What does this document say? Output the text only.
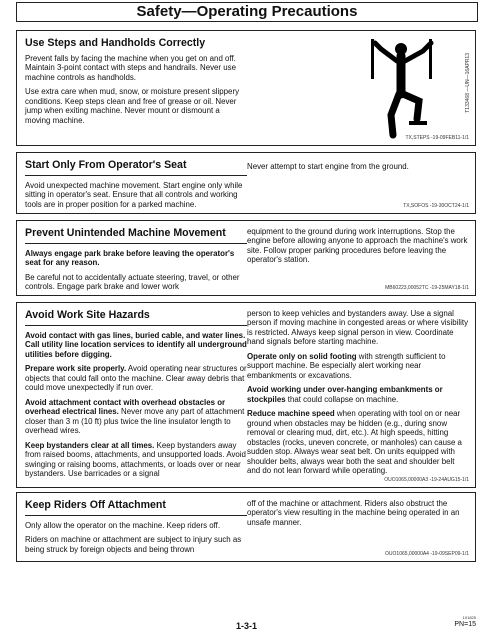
Safety—Operating Precautions
Use Steps and Handholds Correctly

Prevent falls by facing the machine when you get on and off. Maintain 3-point contact with steps and handrails. Never use machine controls as handholds.

Use extra care when mud, snow, or moisture present slippery conditions. Keep steps clean and free of grease or oil. Never jump when exiting machine. Never mount or dismount a moving machine.

T133468 —UN—16APR13
TX,STEPS -19-09FEB11-1/1
Start Only From Operator's Seat

Avoid unexpected machine movement. Start engine only while sitting in operator's seat. Ensure that all controls and working tools are in proper position for a parked machine.

Never attempt to start engine from the ground.

TX,SOFOS -19-30OCT24-1/1
Prevent Unintended Machine Movement

Always engage park brake before leaving the operator's seat for any reason.

Be careful not to accidentally actuate steering, travel, or other controls. Engage park brake and lower work

equipment to the ground during work interruptions. Stop the engine before allowing anyone to approach the machine's work site. Follow proper parking procedures before leaving the operator's station.

MB60223,00052TC -19-25MAY18-1/1
Avoid Work Site Hazards

Avoid contact with gas lines, buried cable, and water lines. Call utility line location services to identify all underground utilities before digging.

Prepare work site properly. Avoid operating near structures or objects that could fall onto the machine. Clear away debris that could move unexpectedly if run over.

Avoid attachment contact with overhead obstacles or overhead electrical lines. Never move any part of attachment closer than 3 m (10 ft) plus twice the line insulator length to overhead wires.

Keep bystanders clear at all times. Keep bystanders away from raised booms, attachments, and unsupported loads. Avoid swinging or raising booms, attachments, or loads over or near bystanders. Use barricades or a signal

person to keep vehicles and bystanders away. Use a signal person if moving machine in congested areas or where visibility is restricted. Always keep signal person in view. Coordinate hand signals before starting machine.

Operate only on solid footing with strength sufficient to support machine. Be especially alert working near embankments or excavations.

Avoid working under over-hanging embankments or stockpiles that could collapse on machine.

Reduce machine speed when operating with tool on or near ground when obstacles may be hidden (e.g., during snow removal or clearing mud, dirt, etc.). At high speeds, hitting obstacles (rocks, uneven concrete, or manholes) can cause a sudden stop. Always wear seat belt. On units equipped with shoulder belts, always wear both the seat and shoulder belt and do not lean forward while operating.

OUO1065,00000A3 -19-24AUG15-1/1
Keep Riders Off Attachment

Only allow the operator on the machine. Keep riders off.

Riders on machine or attachment are subject to injury such as being struck by foreign objects and being thrown

off of the machine or attachment. Riders also obstruct the operator's view resulting in the machine being operated in an unsafe manner.

OUO1065,00000A4 -19-09SEP09-1/1
1-3-1
101825
PN=15
